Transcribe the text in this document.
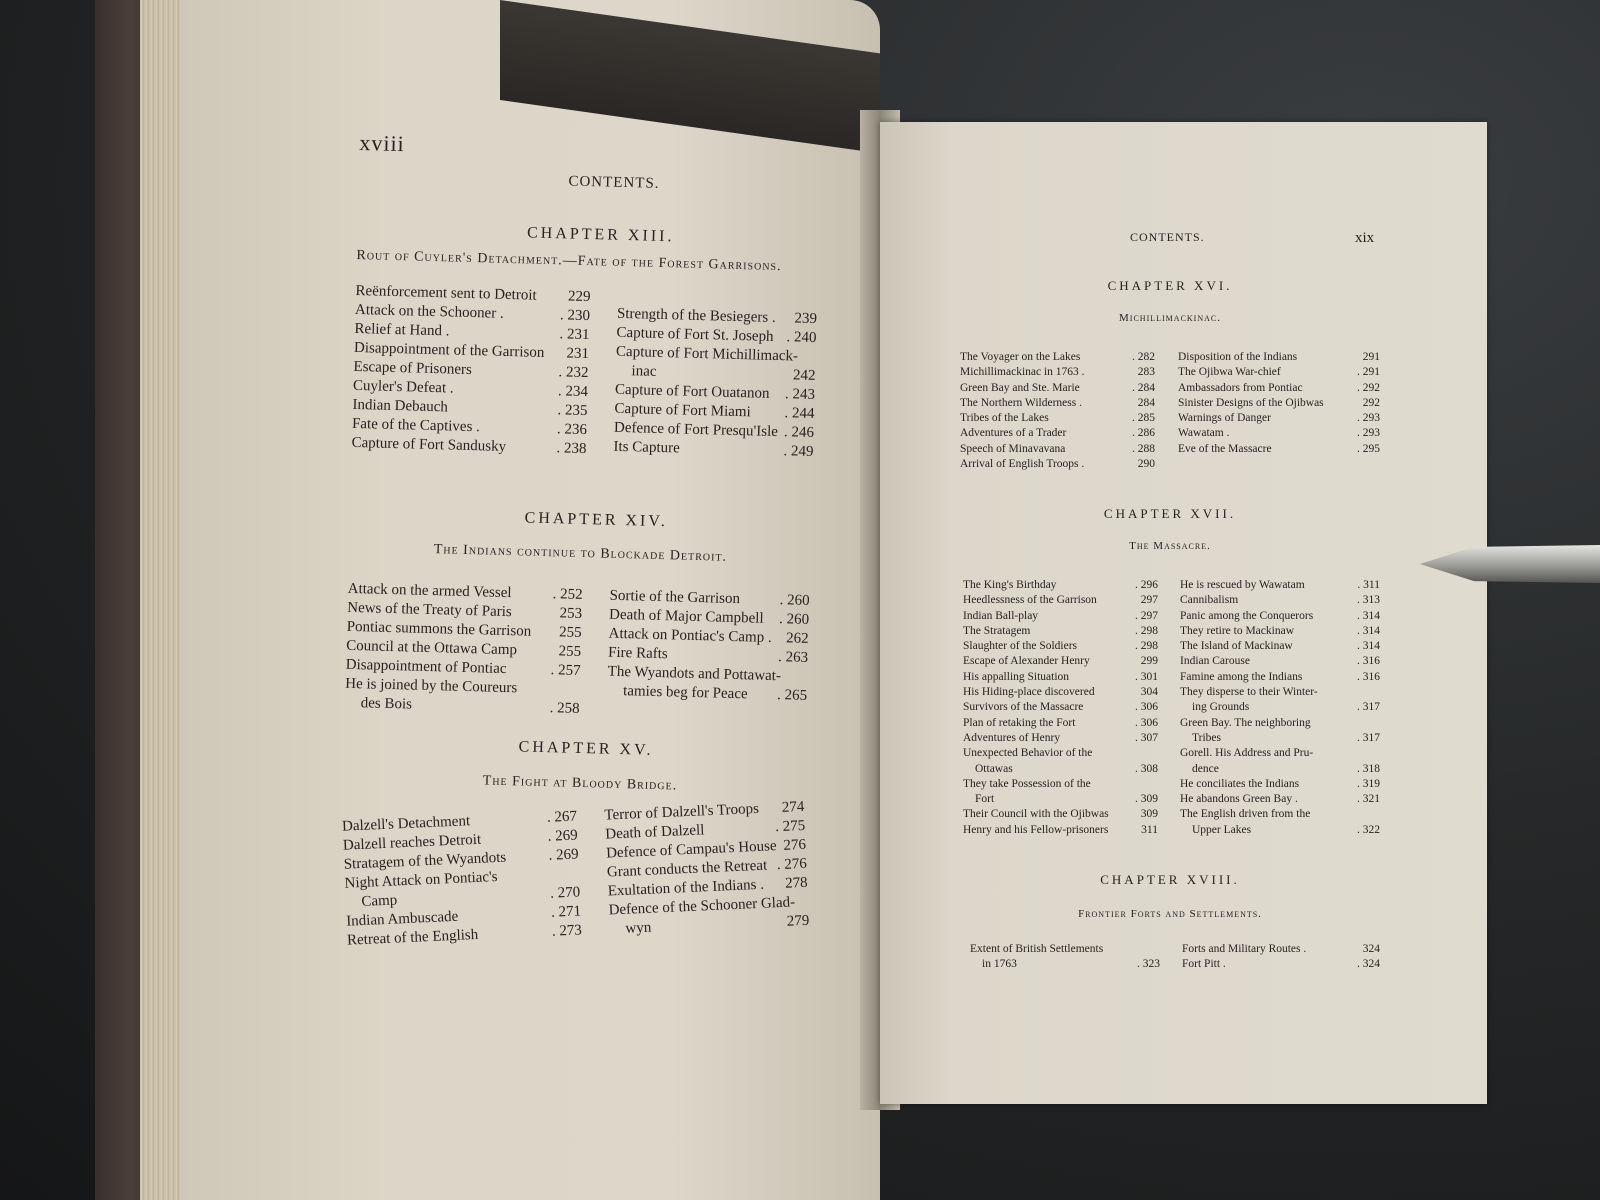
xviii
CONTENTS.
CHAPTER XIII.
Rout of Cuyler's Detachment.—Fate of the Forest Garrisons.
Reënforcement sent to Detroit	229
Attack on the Schooner .	. 230
Relief at Hand .	. 231
Disappointment of the Garrison	231
Escape of Prisoners	. 232
Cuyler's Defeat .	. 234
Indian Debauch	. 235
Fate of the Captives .	. 236
Capture of Fort Sandusky	. 238
Strength of the Besiegers .	239
Capture of Fort St. Joseph . 240
Capture of Fort Michillimack-
inac	242
Capture of Fort Ouatanon	. 243
Capture of Fort Miami	. 244
Defence of Fort Presqu'Isle . 246
Its Capture	. 249
CHAPTER XIV.
The Indians continue to Blockade Detroit.
Attack on the armed Vessel	. 252
News of the Treaty of Paris	253
Pontiac summons the Garrison	255
Council at the Ottawa Camp	255
Disappointment of Pontiac	. 257
He is joined by the Coureurs
des Bois	. 258
Sortie of the Garrison	. 260
Death of Major Campbell	. 260
Attack on Pontiac's Camp . 262
Fire Rafts	. 263
The Wyandots and Pottawat-
tamies beg for Peace	. 265
CHAPTER XV.
The Fight at Bloody Bridge.
Dalzell's Detachment	. 267
Dalzell reaches Detroit	. 269
Stratagem of the Wyandots	. 269
Night Attack on Pontiac's
Camp	. 270
Indian Ambuscade	. 271
Retreat of the English	. 273
Terror of Dalzell's Troops	274
Death of Dalzell	. 275
Defence of Campau's House 276
Grant conducts the Retreat . 276
Exultation of the Indians .	278
Defence of the Schooner Glad-
wyn	279
CONTENTS.	xix
CHAPTER XVI.
Michillimackinac.
The Voyager on the Lakes	. 282
Michillimackinac in 1763 .	283
Green Bay and Ste. Marie	. 284
The Northern Wilderness .	284
Tribes of the Lakes	. 285
Adventures of a Trader	. 286
Speech of Minavavana	. 288
Arrival of English Troops .	290
Disposition of the Indians	291
The Ojibwa War-chief	. 291
Ambassadors from Pontiac	. 292
Sinister Designs of the Ojibwas	292
Warnings of Danger	. 293
Wawatam .	. 293
Eve of the Massacre	. 295
CHAPTER XVII.
The Massacre.
The King's Birthday	. 296
Heedlessness of the Garrison	297
Indian Ball-play	. 297
The Stratagem	. 298
Slaughter of the Soldiers	. 298
Escape of Alexander Henry	299
His appalling Situation	. 301
His Hiding-place discovered	304
Survivors of the Massacre	. 306
Plan of retaking the Fort	. 306
Adventures of Henry	. 307
Unexpected Behavior of the
Ottawas	. 308
They take Possession of the
Fort	. 309
Their Council with the Ojibwas	309
Henry and his Fellow-prisoners	311
He is rescued by Wawatam	. 311
Cannibalism	. 313
Panic among the Conquerors	. 314
They retire to Mackinaw	. 314
The Island of Mackinaw	. 314
Indian Carouse	. 316
Famine among the Indians	. 316
They disperse to their Winter-
ing Grounds	. 317
Green Bay. The neighboring
Tribes	. 317
Gorell. His Address and Pru-
dence	. 318
He conciliates the Indians	. 319
He abandons Green Bay .	. 321
The English driven from the
Upper Lakes	. 322
CHAPTER XVIII.
Frontier Forts and Settlements.
Extent of British Settlements
in 1763	. 323
Forts and Military Routes .	324
Fort Pitt .	. 324
